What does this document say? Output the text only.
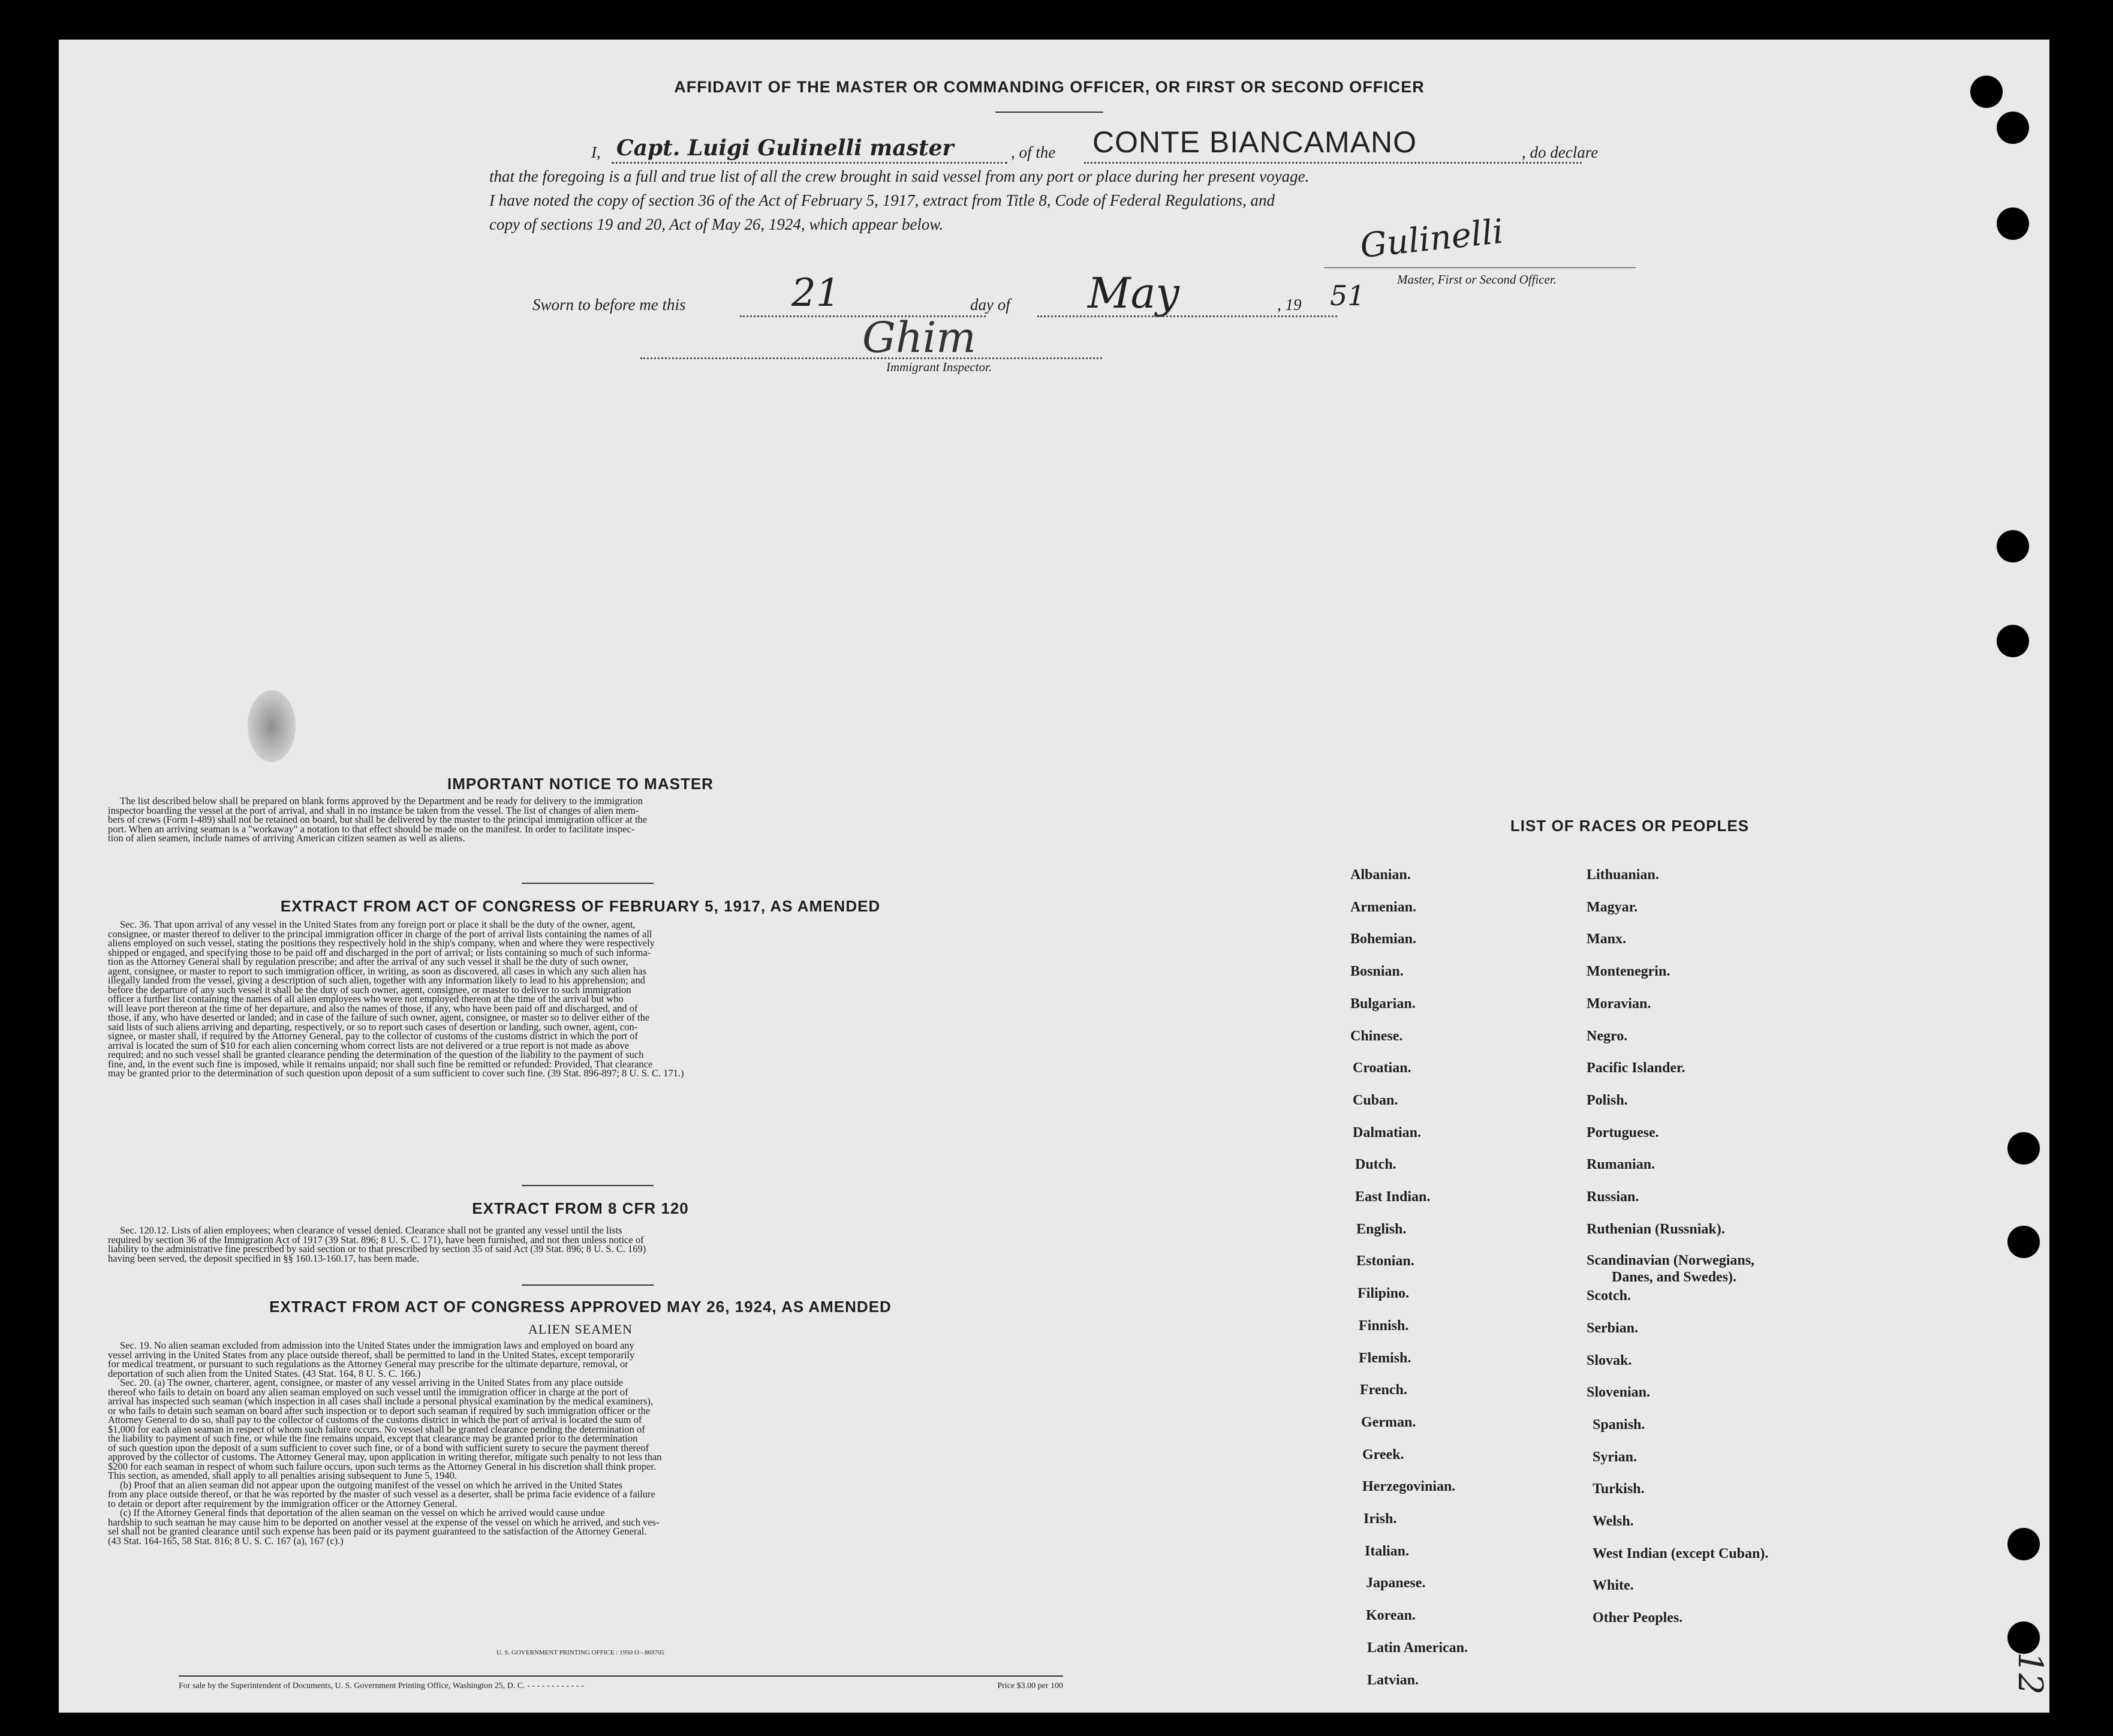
AFFIDAVIT OF THE MASTER OR COMMANDING OFFICER, OR FIRST OR SECOND OFFICER
I, Capt. Luigi Gulinelli master	, of the	CONTE BIANCAMANO	, do declare
that the foregoing is a full and true list of all the crew brought in said vessel from any port or place during her present voyage.
I have noted the copy of section 36 of the Act of February 5, 1917, extract from Title 8, Code of Federal Regulations, and
copy of sections 19 and 20, Act of May 26, 1924, which appear below.	Gulinelli
Master, First or Second Officer.
Sworn to before me this	21	day of	May	, 19	51
Ghim
Immigrant Inspector.
IMPORTANT NOTICE TO MASTER
The list described below shall be prepared on blank forms approved by the Department and be ready for delivery to the immigration
inspector boarding the vessel at the port of arrival, and shall in no instance be taken from the vessel. The list of changes of alien mem-
bers of crews (Form I-489) shall not be retained on board, but shall be delivered by the master to the principal immigration officer at the
port. When an arriving seaman is a "workaway" a notation to that effect should be made on the manifest. In order to facilitate inspec-
tion of alien seamen, include names of arriving American citizen seamen as well as aliens.
EXTRACT FROM ACT OF CONGRESS OF FEBRUARY 5, 1917, AS AMENDED
Sec. 36. That upon arrival of any vessel in the United States from any foreign port or place it shall be the duty of the owner, agent,
consignee, or master thereof to deliver to the principal immigration officer in charge of the port of arrival lists containing the names of all
aliens employed on such vessel, stating the positions they respectively hold in the ship's company, when and where they were respectively
shipped or engaged, and specifying those to be paid off and discharged in the port of arrival; or lists containing so much of such informa-
tion as the Attorney General shall by regulation prescribe; and after the arrival of any such vessel it shall be the duty of such owner,
agent, consignee, or master to report to such immigration officer, in writing, as soon as discovered, all cases in which any such alien has
illegally landed from the vessel, giving a description of such alien, together with any information likely to lead to his apprehension; and
before the departure of any such vessel it shall be the duty of such owner, agent, consignee, or master to deliver to such immigration
officer a further list containing the names of all alien employees who were not employed thereon at the time of the arrival but who
will leave port thereon at the time of her departure, and also the names of those, if any, who have been paid off and discharged, and of
those, if any, who have deserted or landed; and in case of the failure of such owner, agent, consignee, or master so to deliver either of the
said lists of such aliens arriving and departing, respectively, or so to report such cases of desertion or landing, such owner, agent, con-
signee, or master shall, if required by the Attorney General, pay to the collector of customs of the customs district in which the port of
arrival is located the sum of $10 for each alien concerning whom correct lists are not delivered or a true report is not made as above
required; and no such vessel shall be granted clearance pending the determination of the question of the liability to the payment of such
fine, and, in the event such fine is imposed, while it remains unpaid; nor shall such fine be remitted or refunded: Provided, That clearance
may be granted prior to the determination of such question upon deposit of a sum sufficient to cover such fine. (39 Stat. 896-897; 8 U. S. C. 171.)
EXTRACT FROM 8 CFR 120
Sec. 120.12. Lists of alien employees; when clearance of vessel denied. Clearance shall not be granted any vessel until the lists
required by section 36 of the Immigration Act of 1917 (39 Stat. 896; 8 U. S. C. 171), have been furnished, and not then unless notice of
liability to the administrative fine prescribed by said section or to that prescribed by section 35 of said Act (39 Stat. 896; 8 U. S. C. 169)
having been served, the deposit specified in §§ 160.13-160.17, has been made.
EXTRACT FROM ACT OF CONGRESS APPROVED MAY 26, 1924, AS AMENDED
ALIEN SEAMEN
Sec. 19. No alien seaman excluded from admission into the United States under the immigration laws and employed on board any
vessel arriving in the United States from any place outside thereof, shall be permitted to land in the United States, except temporarily
for medical treatment, or pursuant to such regulations as the Attorney General may prescribe for the ultimate departure, removal, or
deportation of such alien from the United States. (43 Stat. 164, 8 U. S. C. 166.)
Sec. 20. (a) The owner, charterer, agent, consignee, or master of any vessel arriving in the United States from any place outside
thereof who fails to detain on board any alien seaman employed on such vessel until the immigration officer in charge at the port of
arrival has inspected such seaman (which inspection in all cases shall include a personal physical examination by the medical examiners),
or who fails to detain such seaman on board after such inspection or to deport such seaman if required by such immigration officer or the
Attorney General to do so, shall pay to the collector of customs of the customs district in which the port of arrival is located the sum of
$1,000 for each alien seaman in respect of whom such failure occurs. No vessel shall be granted clearance pending the determination of
the liability to payment of such fine, or while the fine remains unpaid, except that clearance may be granted prior to the determination
of such question upon the deposit of a sum sufficient to cover such fine, or of a bond with sufficient surety to secure the payment thereof
approved by the collector of customs. The Attorney General may, upon application in writing therefor, mitigate such penalty to not less than
$200 for each seaman in respect of whom such failure occurs, upon such terms as the Attorney General in his discretion shall think proper.
This section, as amended, shall apply to all penalties arising subsequent to June 5, 1940.
(b) Proof that an alien seaman did not appear upon the outgoing manifest of the vessel on which he arrived in the United States
from any place outside thereof, or that he was reported by the master of such vessel as a deserter, shall be prima facie evidence of a failure
to detain or deport after requirement by the immigration officer or the Attorney General.
(c) If the Attorney General finds that deportation of the alien seaman on the vessel on which he arrived would cause undue
hardship to such seaman he may cause him to be deported on another vessel at the expense of the vessel on which he arrived, and such ves-
sel shall not be granted clearance until such expense has been paid or its payment guaranteed to the satisfaction of the Attorney General.
(43 Stat. 164-165, 58 Stat. 816; 8 U. S. C. 167 (a), 167 (c).)
U. S. GOVERNMENT PRINTING OFFICE : 1950 O - 869705
For sale by the Superintendent of Documents, U. S. Government Printing Office, Washington 25, D. C. - - - - - - - - - - - -	Price $3.00 per 100
LIST OF RACES OR PEOPLES
12
Albanian.
Armenian.
Bohemian.
Bosnian.
Bulgarian.
Chinese.
Croatian.
Cuban.
Dalmatian.
Dutch.
East Indian.
English.
Estonian.
Filipino.
Finnish.
Flemish.
French.
German.
Greek.
Herzegovinian.
Irish.
Italian.
Japanese.
Korean.
Latin American.
Latvian.
Lithuanian.
Magyar.
Manx.
Montenegrin.
Moravian.
Negro.
Pacific Islander.
Polish.
Portuguese.
Rumanian.
Russian.
Ruthenian (Russniak).
Scandinavian (Norwegians,
Danes, and Swedes).
Scotch.
Serbian.
Slovak.
Slovenian.
Spanish.
Syrian.
Turkish.
Welsh.
West Indian (except Cuban).
White.
Other Peoples.
